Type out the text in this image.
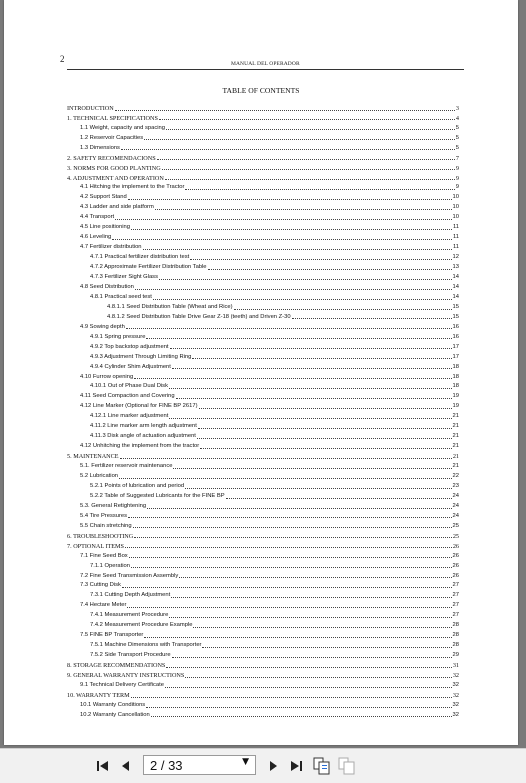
2	MANUAL DEL OPERADOR
TABLE OF CONTENTS
INTRODUCTION	3
1. TECHNICAL SPECIFICATIONS	4
1.1 Weight, capacity and spacing	5
1.2 Reservoir Capacities	5
1.3 Dimensions	5
2. SAFETY RECOMENDACIONS	7
3. NORMS FOR GOOD PLANTING	9
4. ADJUSTMENT AND OPERATION	9
4.1 Hitching the implement to the Tractor	9
4.2 Support Stand	10
4.3 Ladder and side platform	10
4.4 Transport	10
4.5 Line positioning	11
4.6 Leveling	11
4.7 Fertilizer distribution	11
4.7.1 Practical fertilizer distribution test	12
4.7.2 Approximate Fertilizer Distribution Table	13
4.7.3 Fertilizer Sight Glass	14
4.8 Seed Distribution	14
4.8.1 Practical seed test	14
4.8.1.1 Seed Distribution Table (Wheat and Rice)	15
4.8.1.2 Seed Distribution Table Drive Gear Z-18 (teeth) and Driven Z-30	15
4.9 Sowing depth	16
4.9.1 Spring pressure	16
4.9.2 Top backstop adjustment	17
4.9.3 Adjustment Through Limiting Ring	17
4.9.4 Cylinder Shim Adjustment	18
4.10 Furrow opening	18
4.10.1 Out of Phase Dual Disk	18
4.11 Seed Compaction and Covering	19
4.12 Line Marker (Optional for FINE BP 2617)	19
4.12.1 Line marker adjustment	21
4.11.2 Line marker arm length adjustment	21
4.11.3 Disk angle of actuation adjustment	21
4.12 Unhitching the implement from the tractor	21
5. MAINTENANCE	21
5.1. Fertilizer reservoir maintenance	21
5.2 Lubrication	22
5.2.1 Points of lubrication and period	23
5.2.2 Table of Suggested Lubricants for the FINE BP	24
5.3. General Retightening	24
5.4 Tire Pressures	24
5.5 Chain stretching	25
6. TROUBLESHOOTING	25
7. OPTIONAL ITEMS	26
7.1 Fine Seed Box	26
7.1.1 Operation	26
7.2 Fine Seed Transmission Assembly	26
7.3 Cutting Disk	27
7.3.1 Cutting Depth Adjustment	27
7.4 Hectare Meter	27
7.4.1 Measurement Procedure	27
7.4.2 Measurement Procedure Example	28
7.5 FINE BP Transporter	28
7.5.1 Machine Dimensions with Transporter	28
7.5.2 Side Transport Procedure	29
8. STORAGE RECOMMENDATIONS	31
9. GENERAL WARRANTY INSTRUCTIONS	32
9.1 Technical Delivery Certificate	32
10. WARRANTY TERM	32
10.1 Warranty Conditions	32
10.2 Warranty Cancellation	32
2 / 33	▼
